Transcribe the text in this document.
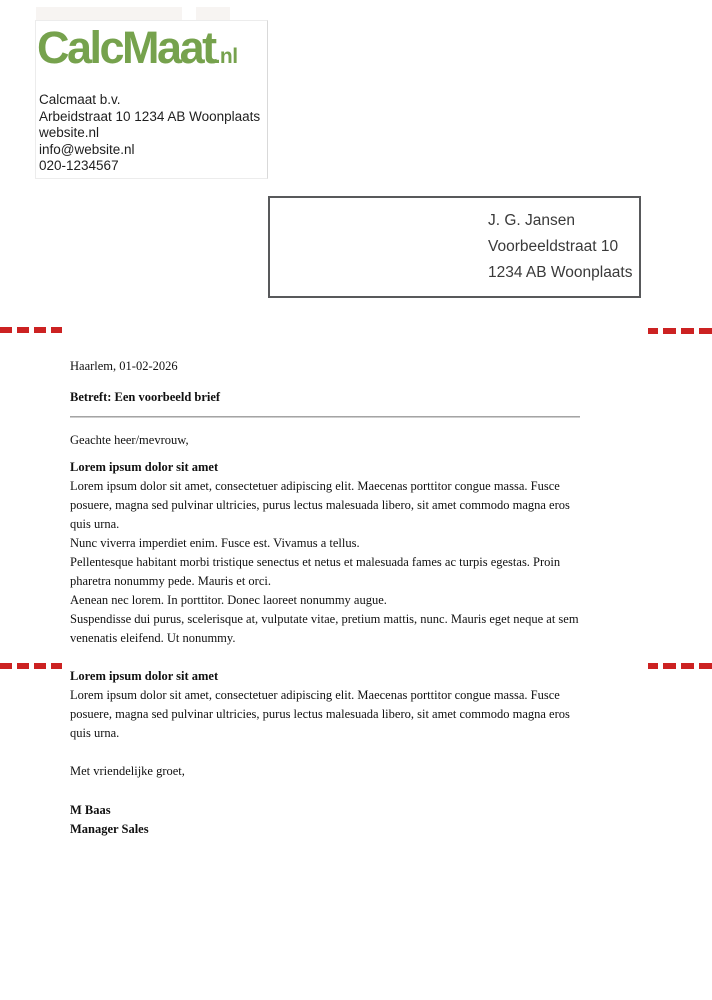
CalcMaat.nl
Calcmaat b.v.
Arbeidstraat 10 1234 AB Woonplaats
website.nl
info@website.nl
020-1234567
J. G. Jansen
Voorbeeldstraat 10
1234 AB Woonplaats
Haarlem, 01-02-2026
Betreft: Een voorbeeld brief
Geachte heer/mevrouw,
Lorem ipsum dolor sit amet

Lorem ipsum dolor sit amet, consectetuer adipiscing elit. Maecenas porttitor congue massa. Fusce posuere, magna sed pulvinar ultricies, purus lectus malesuada libero, sit amet commodo magna eros quis urna.

Nunc viverra imperdiet enim. Fusce est. Vivamus a tellus.

Pellentesque habitant morbi tristique senectus et netus et malesuada fames ac turpis egestas. Proin pharetra nonummy pede. Mauris et orci.

Aenean nec lorem. In porttitor. Donec laoreet nonummy augue.

Suspendisse dui purus, scelerisque at, vulputate vitae, pretium mattis, nunc. Mauris eget neque at sem venenatis eleifend. Ut nonummy.

Lorem ipsum dolor sit amet

Lorem ipsum dolor sit amet, consectetuer adipiscing elit. Maecenas porttitor congue massa. Fusce posuere, magna sed pulvinar ultricies, purus lectus malesuada libero, sit amet commodo magna eros quis urna.

Met vriendelijke groet,
M Baas
Manager Sales
